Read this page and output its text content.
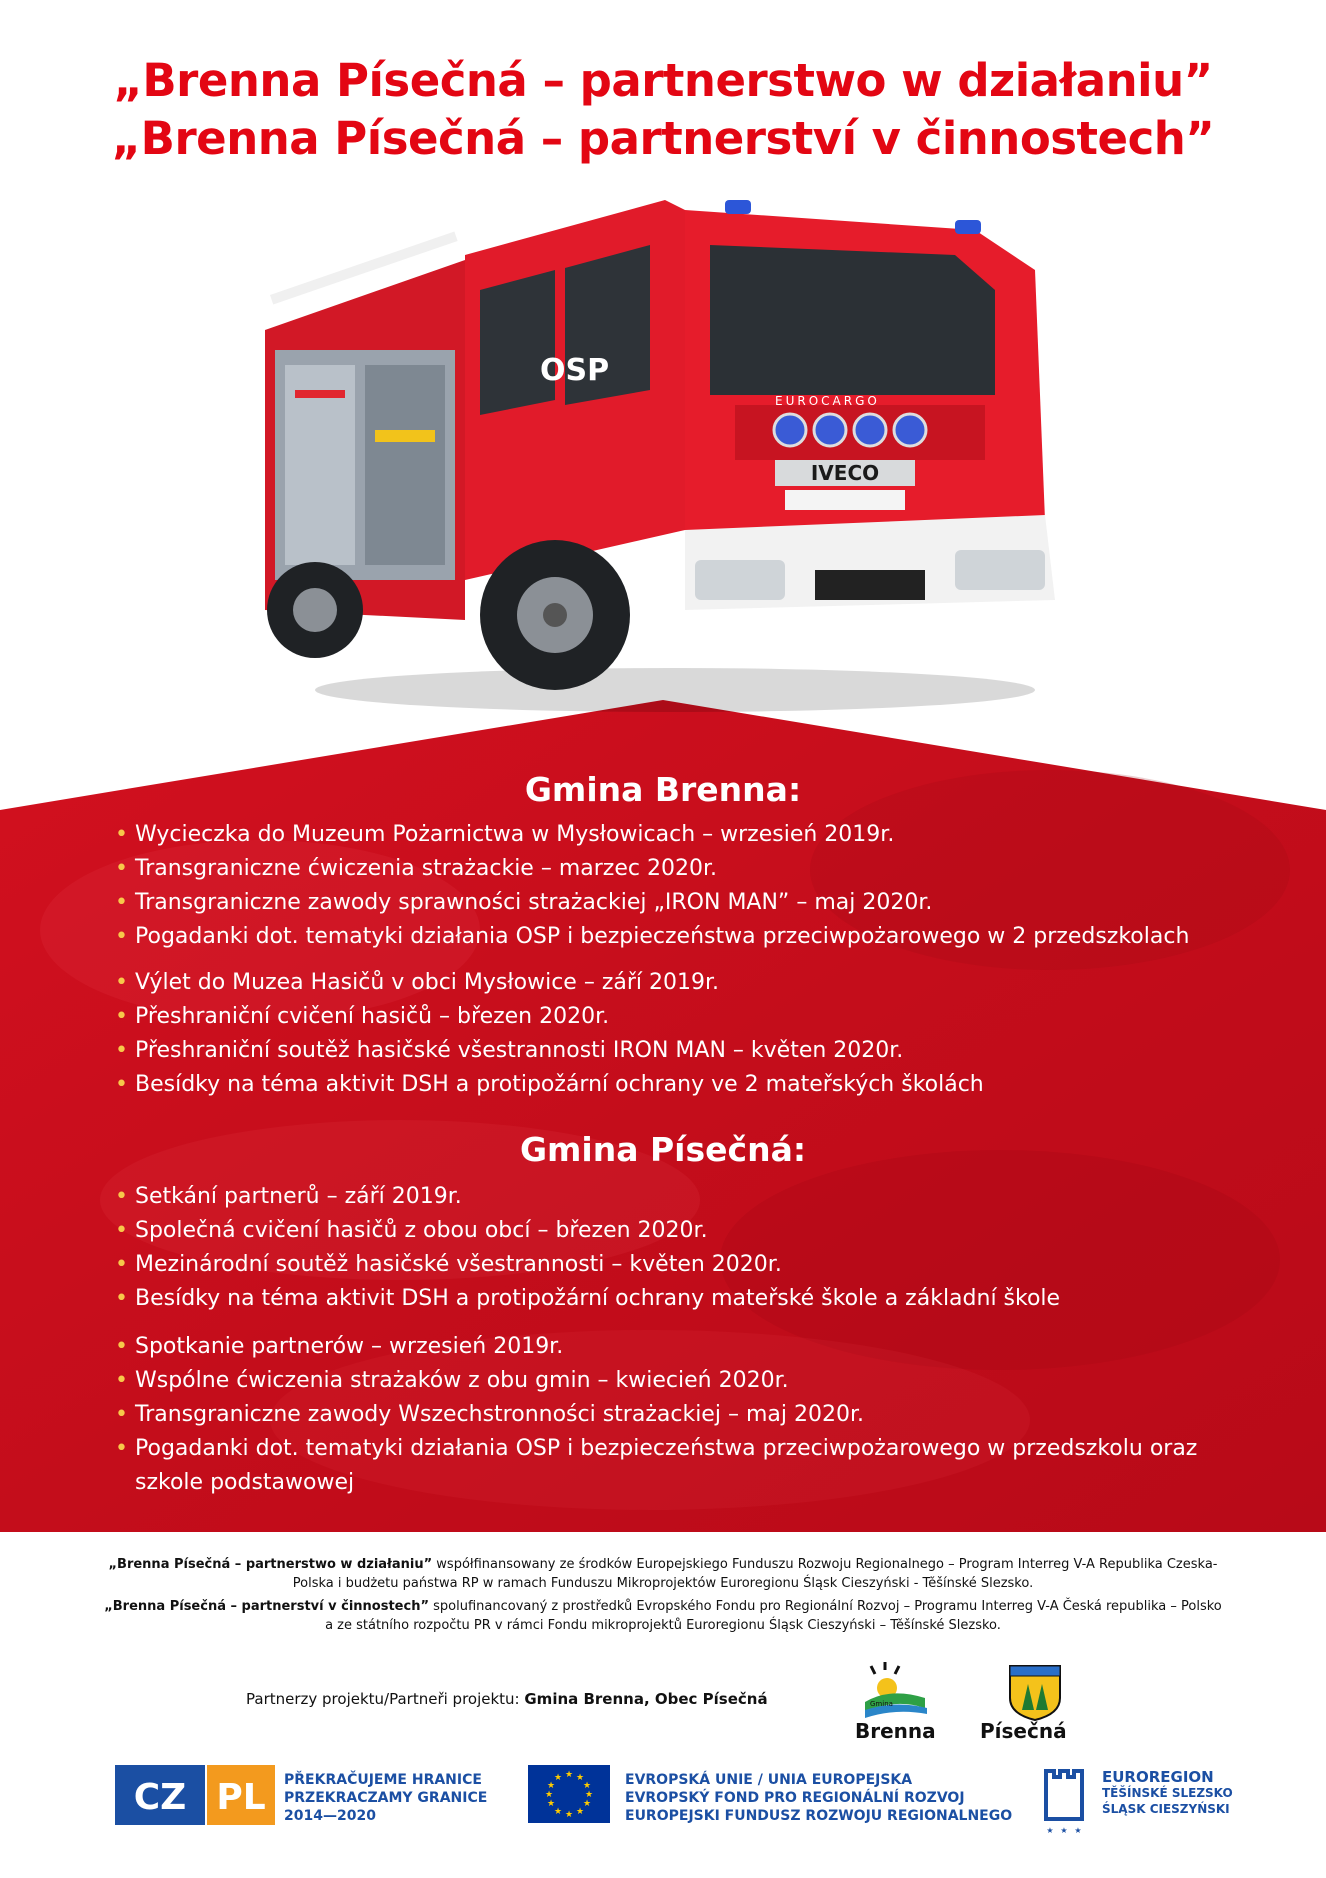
„Brenna Písečná – partnerstwo w działaniu”
„Brenna Písečná – partnerství v činnostech”
OSP
EUROCARGO
IVECO
Gmina Brenna:
• Wycieczka do Muzeum Pożarnictwa w Mysłowicach – wrzesień 2019r.
• Transgraniczne ćwiczenia strażackie – marzec 2020r.
• Transgraniczne zawody sprawności strażackiej „IRON MAN” – maj 2020r.
• Pogadanki dot. tematyki działania OSP i bezpieczeństwa przeciwpożarowego w 2 przedszkolach
• Výlet do Muzea Hasičů v obci Mysłowice – září 2019r.
• Přeshraniční cvičení hasičů – březen 2020r.
• Přeshraniční soutěž hasičské všestrannosti IRON MAN – květen 2020r.
• Besídky na téma aktivit DSH a protipožární ochrany ve 2 mateřských školách
Gmina Písečná:
• Setkání partnerů – září 2019r.
• Společná cvičení hasičů z obou obcí – březen 2020r.
• Mezinárodní soutěž hasičské všestrannosti – květen 2020r.
• Besídky na téma aktivit DSH a protipožární ochrany mateřské škole a základní škole
• Spotkanie partnerów – wrzesień 2019r.
• Wspólne ćwiczenia strażaków z obu gmin – kwiecień 2020r.
• Transgraniczne zawody Wszechstronności strażackiej – maj 2020r.
• Pogadanki dot. tematyki działania OSP i bezpieczeństwa przeciwpożarowego w przedszkolu oraz szkole podstawowej

„Brenna Písečná – partnerstwo w działaniu” współfinansowany ze środków Europejskiego Funduszu Rozwoju Regionalnego – Program Interreg V-A Republika Czeska-Polska i budżetu państwa RP w ramach Funduszu Mikroprojektów Euroregionu Śląsk Cieszyński - Těšínské Slezsko.

„Brenna Písečná – partnerství v činnostech” spolufinancovaný z prostředků Evropského Fondu pro Regionální Rozvoj – Programu Interreg V-A Česká republika – Polsko a ze státního rozpočtu PR v rámci Fondu mikroprojektů Euroregionu Śląsk Cieszyński – Těšínské Slezsko.

Partnerzy projektu/Partneři projektu: Gmina Brenna, Obec Písečná	Gmina
Brenna Písečná
CZ PL PŘEKRAČUJEME HRANICE
PRZEKRACZAMY GRANICE
2014—2020
★ ★
★
★
★
★
★
★
★
★
★
★	EVROPSKÁ UNIE / UNIA EUROPEJSKA
EVROPSKÝ FOND PRO REGIONÁLNÍ ROZVOJ
EUROPEJSKI FUNDUSZ ROZWOJU REGIONALNEGO
★ ★ ★
EUROREGION
TĚŠÍNSKÉ SLEZSKO
ŚLĄSK CIESZYŃSKI
